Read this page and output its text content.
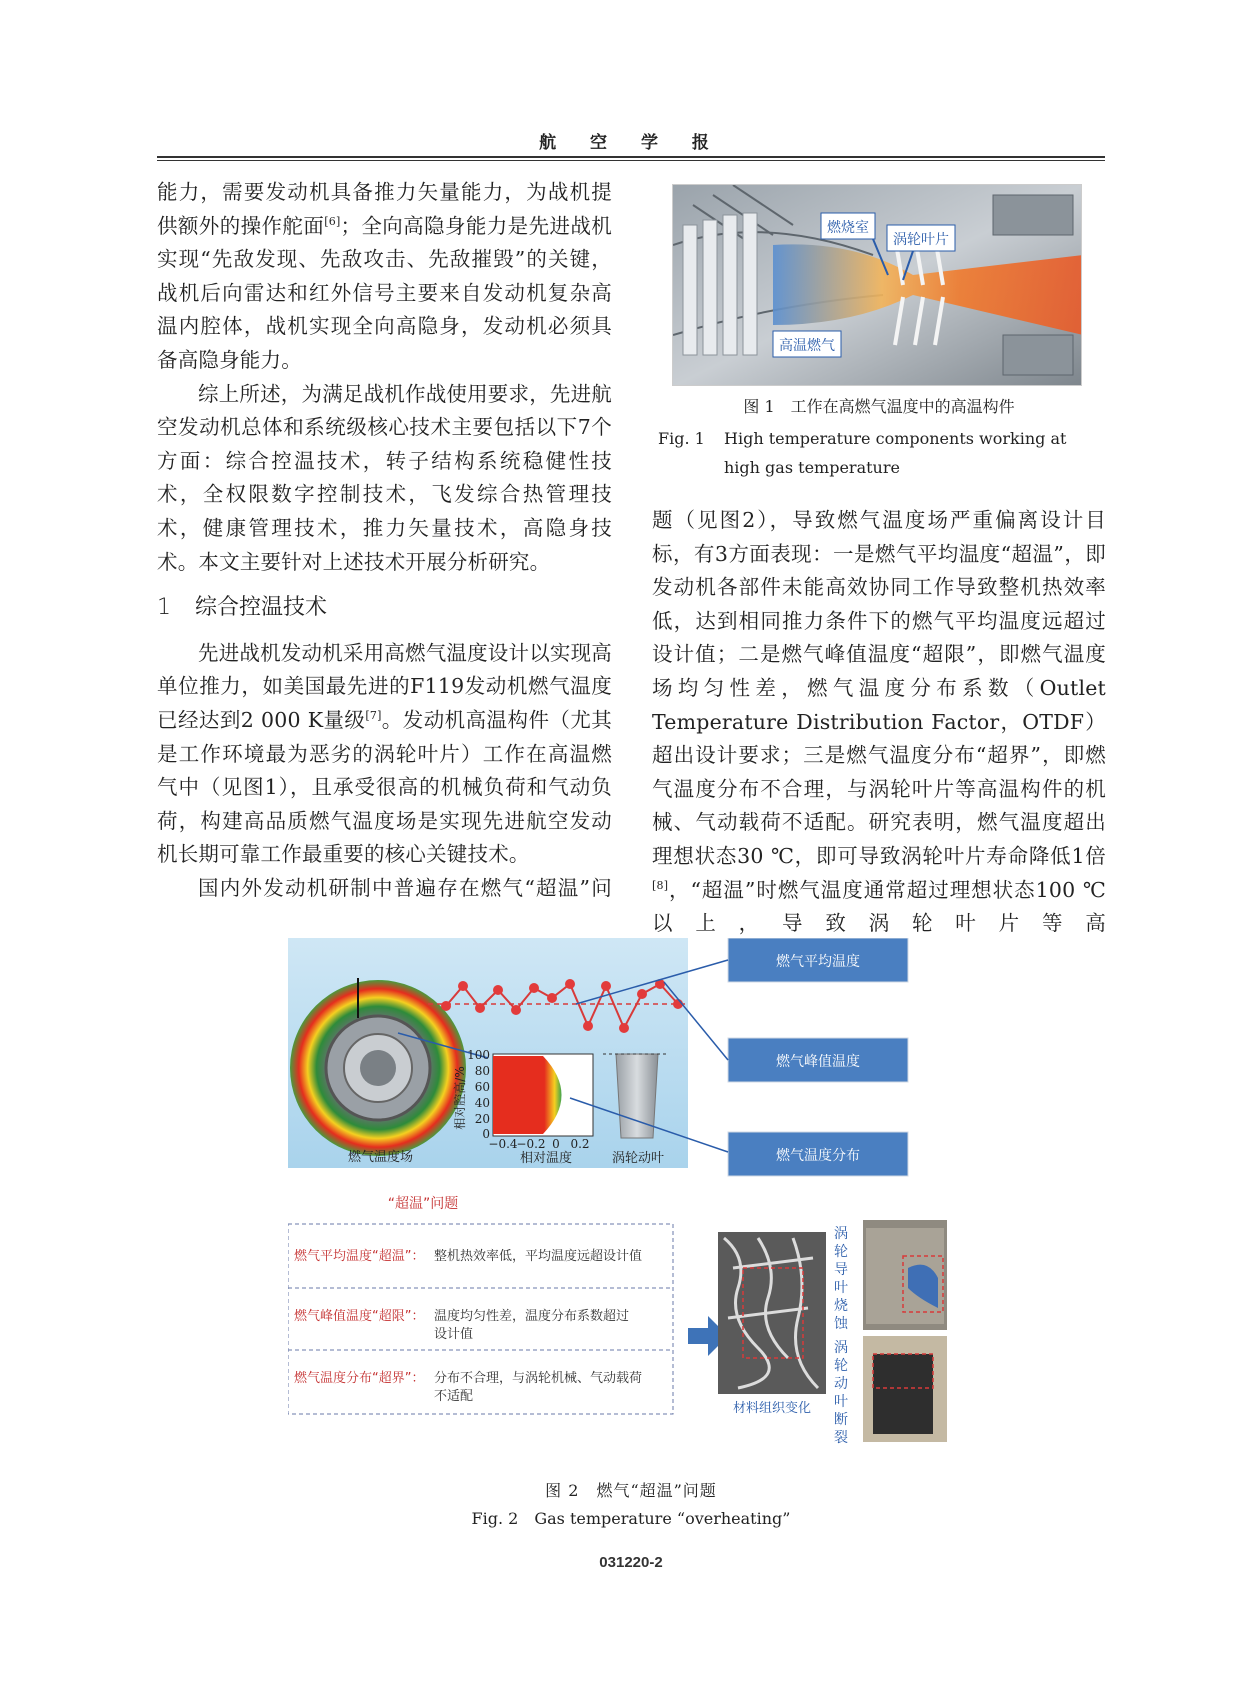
航 空 学 报

能力，需要发动机具备推力矢量能力，为战机提供额外的操作舵面[6]；全向高隐身能力是先进战机实现“先敌发现、先敌攻击、先敌摧毁”的关键，战机后向雷达和红外信号主要来自发动机复杂高温内腔体，战机实现全向高隐身，发动机必须具备高隐身能力。

综上所述，为满足战机作战使用要求，先进航空发动机总体和系统级核心技术主要包括以下7个方面：综合控温技术，转子结构系统稳健性技术，全权限数字控制技术，飞发综合热管理技术，健康管理技术，推力矢量技术，高隐身技术。本文主要针对上述技术开展分析研究。

1 综合控温技术

先进战机发动机采用高燃气温度设计以实现高单位推力，如美国最先进的F119发动机燃气温度已经达到2 000 K量级[7]。发动机高温构件（尤其是工作环境最为恶劣的涡轮叶片）工作在高温燃气中（见图1），且承受很高的机械负荷和气动负荷，构建高品质燃气温度场是实现先进航空发动机长期可靠工作最重要的核心关键技术。

国内外发动机研制中普遍存在燃气“超温”问

燃烧室
涡轮叶片
高温燃气
图 1　工作在高燃气温度中的高温构件
Fig. 1 High temperature components working at high gas temperature

题（见图2），导致燃气温度场严重偏离设计目标，有3方面表现：一是燃气平均温度“超温”，即发动机各部件未能高效协同工作导致整机热效率低，达到相同推力条件下的燃气平均温度远超过设计值；二是燃气峰值温度“超限”，即燃气温度场均匀性差，燃气温度分布系数（Outlet Temperature Distribution Factor，OTDF）超出设计要求；三是燃气温度分布“超界”，即燃气温度分布不合理，与涡轮叶片等高温构件的机械、气动载荷不适配。研究表明，燃气温度超出理想状态30 ℃，即可导致涡轮叶片寿命降低1倍[8]，“超温”时燃气温度通常超过理想状态100 ℃以上，导致涡轮叶片等高

燃气温度场
100
80
60
40
20
0
−0.4
−0.2 0 0.2
相对腔高/%
相对温度	涡轮动叶
燃气平均温度
燃气峰值温度
燃气温度分布
“超温”问题
燃气平均温度“超温”： 整机热效率低，平均温度远超设计值
燃气峰值温度“超限”： 温度均匀性差，温度分布系数超过
设计值
燃气温度分布“超界”： 分布不合理，与涡轮机械、气动载荷
不适配
材料组织变化
涡轮导叶烧蚀
涡轮动叶断裂
图 2　燃气“超温”问题
Fig. 2　Gas temperature “overheating”
031220-2
